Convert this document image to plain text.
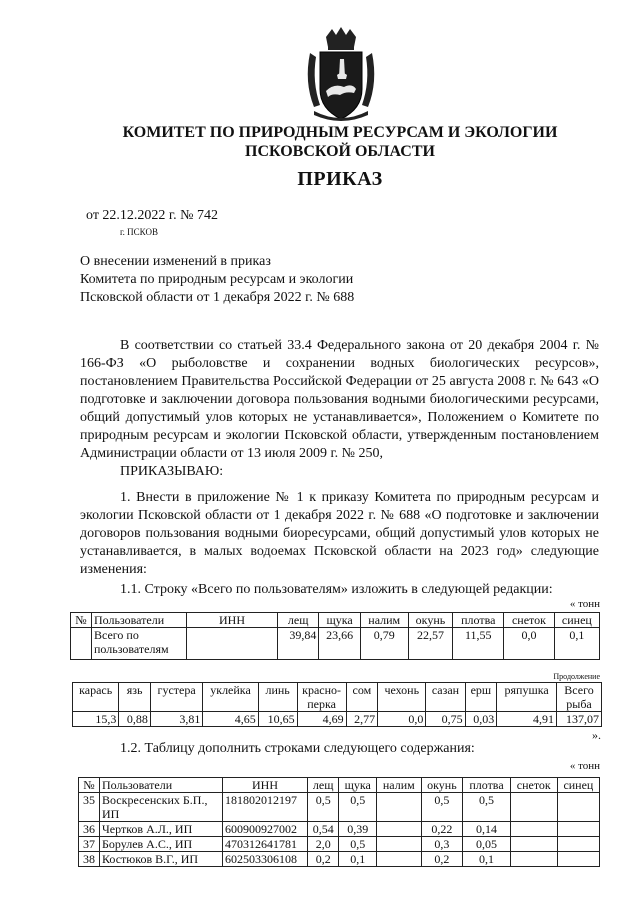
КОМИТЕТ ПО ПРИРОДНЫМ РЕСУРСАМ И ЭКОЛОГИИ
ПСКОВСКОЙ ОБЛАСТИ
ПРИКАЗ
от 22.12.2022 г. № 742
г. ПСКОВ
О внесении изменений в приказ
Комитета по природным ресурсам и экологии
Псковской области от 1 декабря 2022 г. № 688
В соответствии со статьей 33.4 Федерального закона от 20 декабря 2004 г. № 166-ФЗ «О рыболовстве и сохранении водных биологических ресурсов», постановлением Правительства Российской Федерации от 25 августа 2008 г. № 643 «О подготовке и заключении договора пользования водными биологическими ресурсами, общий допустимый улов которых не устанавливается», Положением о Комитете по природным ресурсам и экологии Псковской области, утвержденным постановлением Администрации области от 13 июля 2009 г. № 250,
ПРИКАЗЫВАЮ:
1. Внести в приложение № 1 к приказу Комитета по природным ресурсам и экологии Псковской области от 1 декабря 2022 г. № 688 «О подготовке и заключении договоров пользования водными биоресурсами, общий допустимый улов которых не устанавливается, в малых водоемах Псковской области на 2023 год» следующие изменения:
1.1. Строку «Всего по пользователям» изложить в следующей редакции:
« тонн
№	Пользователи	ИНН	лещ	щука	налим	окунь	плотва	снеток	синец
	Всего по пользователям		39,84	23,66	0,79	22,57	11,55	0,0	0,1
Продолжение
карась	язь	густера	уклейка	линь	красно-перка	сом	чехонь	сазан	ерш	ряпушка	Всего рыба
15,3	0,88	3,81	4,65	10,65	4,69	2,77	0,0	0,75	0,03	4,91	137,07
».
1.2. Таблицу дополнить строками следующего содержания:
« тонн
№	Пользователи	ИНН	лещ	щука	налим	окунь	плотва	снеток	синец
35	Воскресенских Б.П., ИП	181802012197	0,5	0,5		0,5	0,5		
36	Чертков А.Л., ИП	600900927002	0,54	0,39		0,22	0,14		
37	Борулев А.С., ИП	470312641781	2,0	0,5		0,3	0,05		
38	Костюков В.Г., ИП	602503306108	0,2	0,1		0,2	0,1		
